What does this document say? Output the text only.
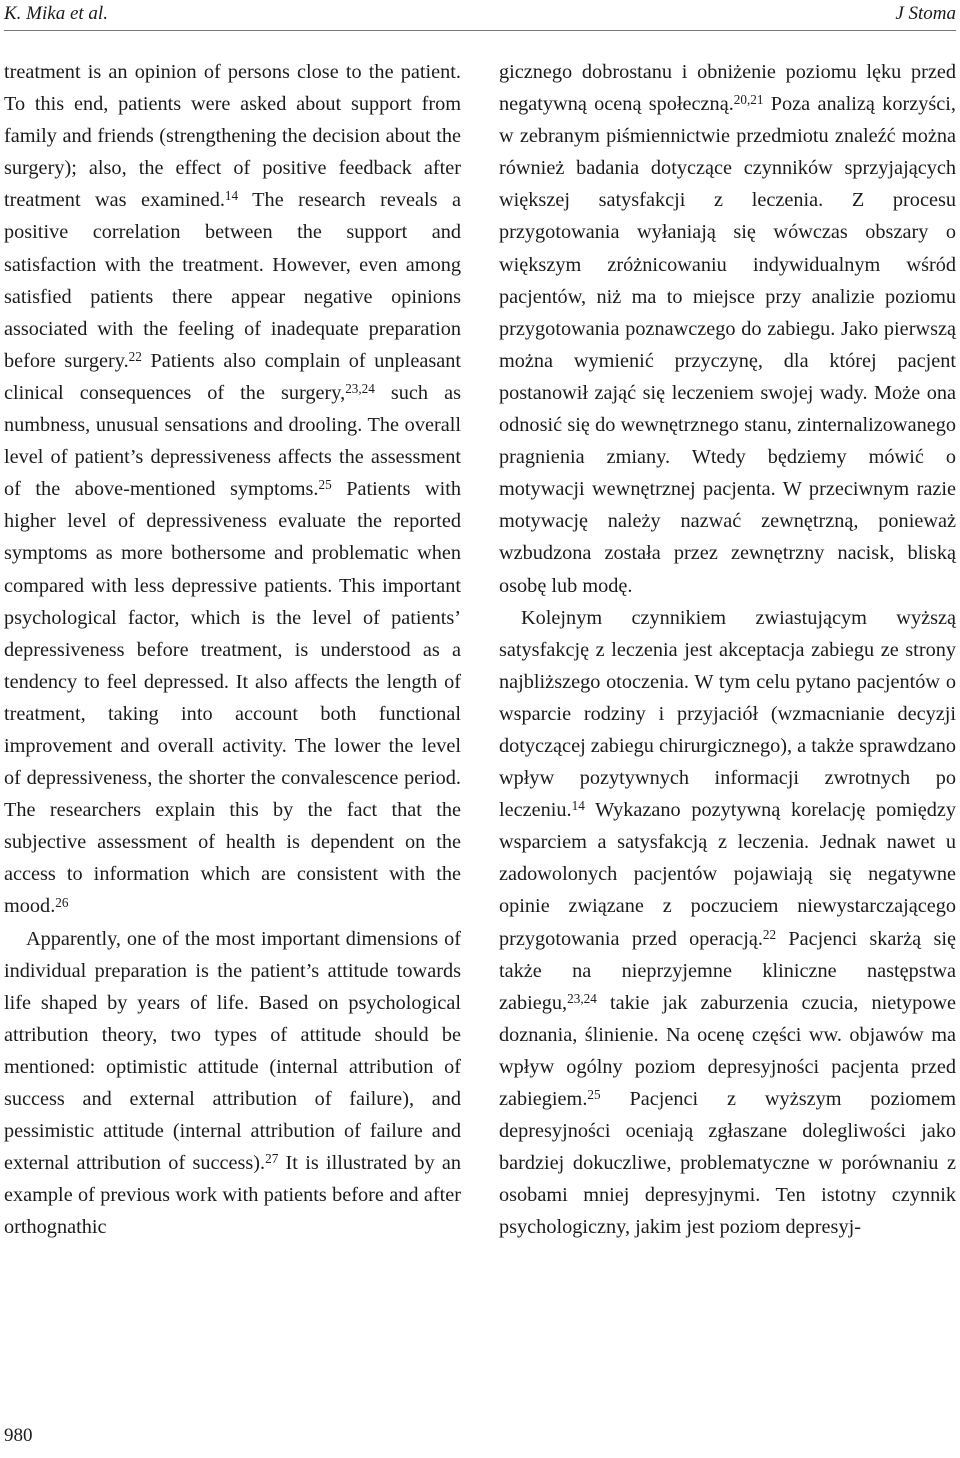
K. Mika et al.	J Stoma

treatment is an opinion of persons close to the patient. To this end, patients were asked about support from family and friends (strengthening the decision about the surgery); also, the effect of positive feedback after treatment was examined.$^{14}$ The research reveals a positive correlation between the support and satisfaction with the treatment. However, even among satisfied patients there appear negative opinions associated with the feeling of inadequate preparation before surgery.$^{22}$ Patients also complain of unpleasant clinical consequences of the surgery,$^{23,24}$ such as numbness, unusual sensations and drooling. The overall level of patient’s depressiveness affects the assessment of the above-mentioned symptoms.$^{25}$ Patients with higher level of depressiveness evaluate the reported symptoms as more bothersome and problematic when compared with less depressive patients. This important psychological factor, which is the level of patients’ depressiveness before treatment, is understood as a tendency to feel depressed. It also affects the length of treatment, taking into account both functional improvement and overall activity. The lower the level of depressiveness, the shorter the convalescence period. The researchers explain this by the fact that the subjective assessment of health is dependent on the access to information which are consistent with the mood.$^{26}$

Apparently, one of the most important dimensions of individual preparation is the patient’s attitude towards life shaped by years of life. Based on psychological attribution theory, two types of attitude should be mentioned: optimistic attitude (internal attribution of success and external attribution of failure), and pessimistic attitude (internal attribution of failure and external attribution of success).$^{27}$ It is illustrated by an example of previous work with patients before and after orthognathic

gicznego dobrostanu i obniżenie poziomu lęku przed negatywną oceną społeczną.$^{20,21}$ Poza analizą korzyści, w zebranym piśmiennictwie przedmiotu znaleźć można również badania dotyczące czynników sprzyjających większej satysfakcji z leczenia. Z procesu przygotowania wyłaniają się wówczas obszary o większym zróżnicowaniu indywidualnym wśród pacjentów, niż ma to miejsce przy analizie poziomu przygotowania poznawczego do zabiegu. Jako pierwszą można wymienić przyczynę, dla której pacjent postanowił zająć się leczeniem swojej wady. Może ona odnosić się do wewnętrznego stanu, zinternalizowanego pragnienia zmiany. Wtedy będziemy mówić o motywacji wewnętrznej pacjenta. W przeciwnym razie motywację należy nazwać zewnętrzną, ponieważ wzbudzona została przez zewnętrzny nacisk, bliską osobę lub modę.

Kolejnym czynnikiem zwiastującym wyższą satysfakcję z leczenia jest akceptacja zabiegu ze strony najbliższego otoczenia. W tym celu pytano pacjentów o wsparcie rodziny i przyjaciół (wzmacnianie decyzji dotyczącej zabiegu chirurgicznego), a także sprawdzano wpływ pozytywnych informacji zwrotnych po leczeniu.$^{14}$ Wykazano pozytywną korelację pomiędzy wsparciem a satysfakcją z leczenia. Jednak nawet u zadowolonych pacjentów pojawiają się negatywne opinie związane z poczuciem niewystarczającego przygotowania przed operacją.$^{22}$ Pacjenci skarżą się także na nieprzyjemne kliniczne następstwa zabiegu,$^{23,24}$ takie jak zaburzenia czucia, nietypowe doznania, ślinienie. Na ocenę części ww. objawów ma wpływ ogólny poziom depresyjności pacjenta przed zabiegiem.$^{25}$ Pacjenci z wyższym poziomem depresyjności oceniają zgłaszane dolegliwości jako bardziej dokuczliwe, problematyczne w porównaniu z osobami mniej depresyjnymi. Ten istotny czynnik psychologiczny, jakim jest poziom depresyj-

980
